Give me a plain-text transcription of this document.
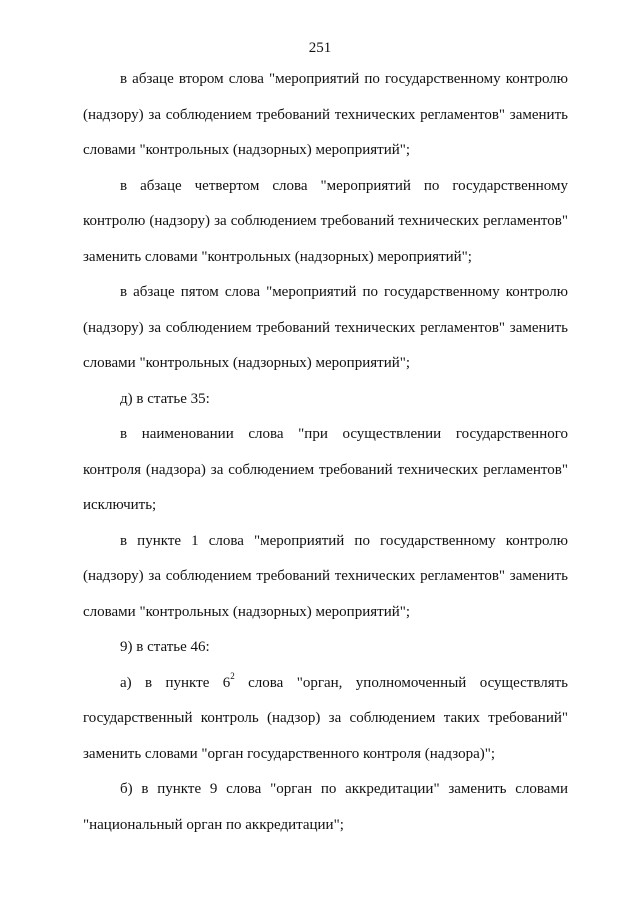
251

в абзаце втором слова "мероприятий по государственному контролю (надзору) за соблюдением требований технических регламентов" заменить словами "контрольных (надзорных) мероприятий";

в абзаце четвертом слова "мероприятий по государственному контролю (надзору) за соблюдением требований технических регламентов" заменить словами "контрольных (надзорных) мероприятий";

в абзаце пятом слова "мероприятий по государственному контролю (надзору) за соблюдением требований технических регламентов" заменить словами "контрольных (надзорных) мероприятий";

д) в статье 35:

в наименовании слова "при осуществлении государственного контроля (надзора) за соблюдением требований технических регламентов" исключить;

в пункте 1 слова "мероприятий по государственному контролю (надзору) за соблюдением требований технических регламентов" заменить словами "контрольных (надзорных) мероприятий";

9) в статье 46:

а) в пункте $6^2$ слова "орган, уполномоченный осуществлять государственный контроль (надзор) за соблюдением таких требований" заменить словами "орган государственного контроля (надзора)";

б) в пункте 9 слова "орган по аккредитации" заменить словами "национальный орган по аккредитации";
